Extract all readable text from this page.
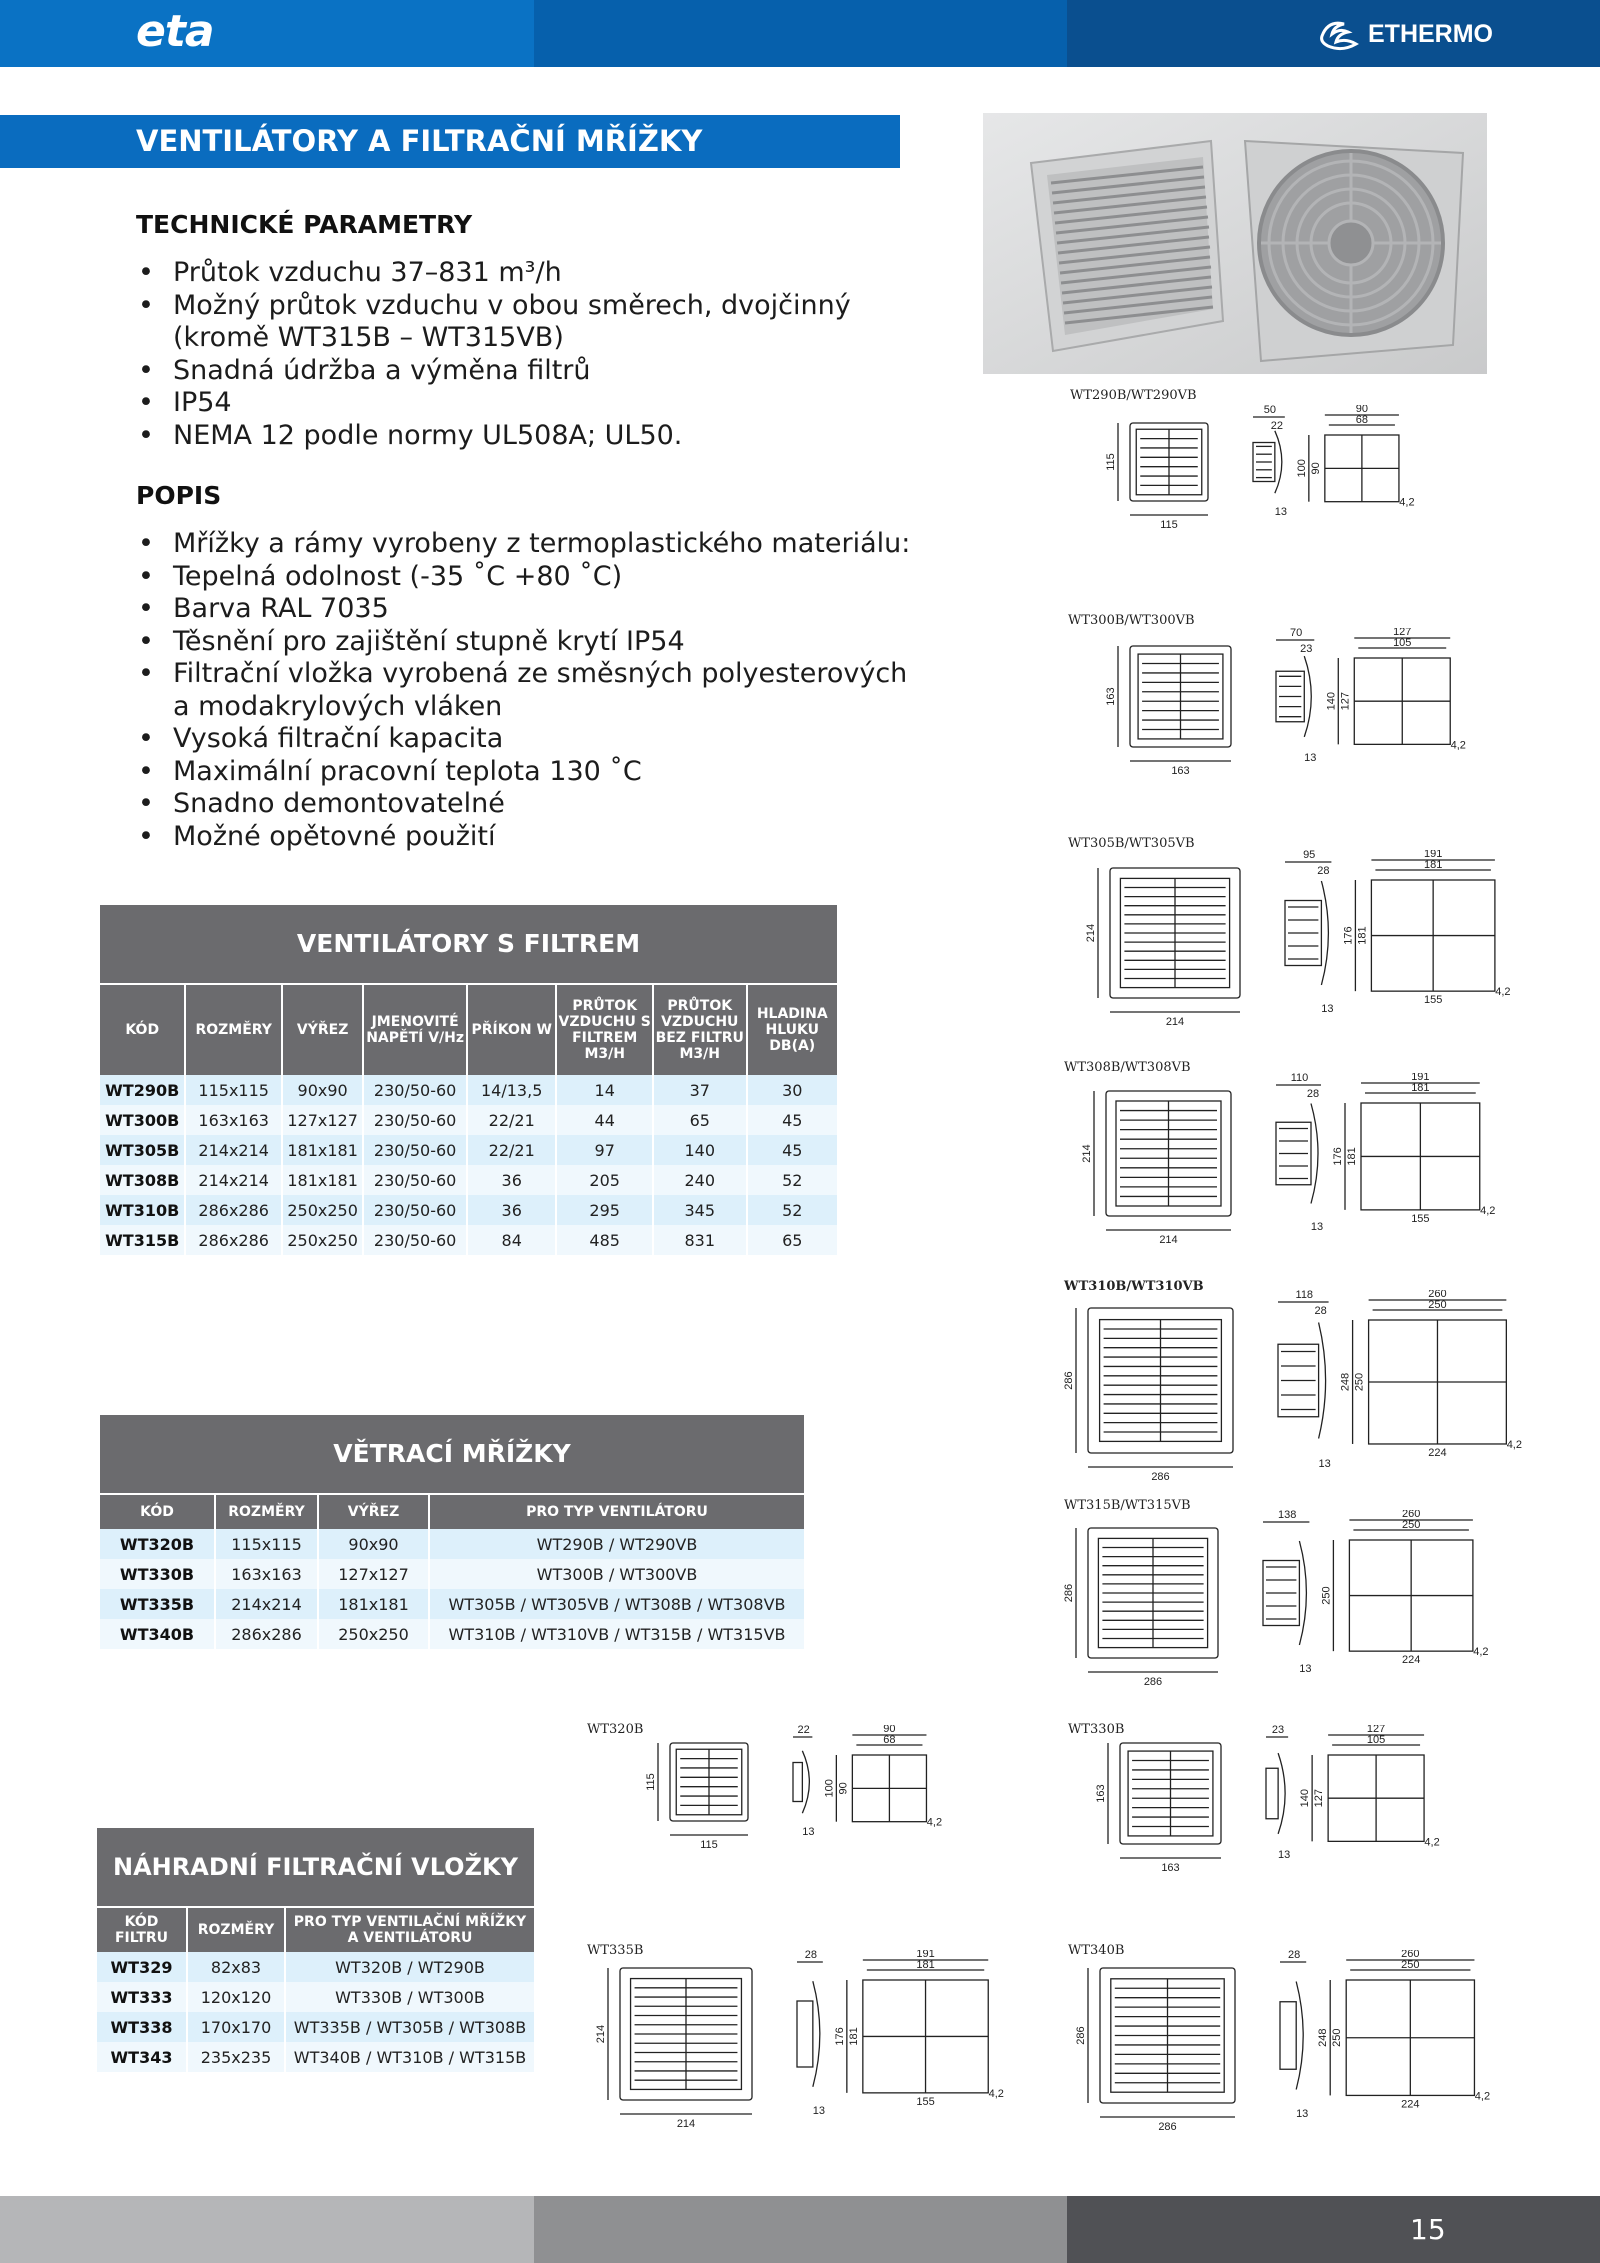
eta	ETHERMO
VENTILÁTORY A FILTRAČNÍ MŘÍŽKY
TECHNICKÉ PARAMETRY
• Průtok vzduchu 37–831 m³/h
• Možný průtok vzduchu v obou směrech, dvojčinný
(kromě WT315B – WT315VB)
• Snadná údržba a výměna filtrů
• IP54
• NEMA 12 podle normy UL508A; UL50.
POPIS
• Mřížky a rámy vyrobeny z termoplastického materiálu:
• Tepelná odolnost (-35 ˚C +80 ˚C)
• Barva RAL 7035
• Těsnění pro zajištění stupně krytí IP54
• Filtrační vložka vyrobená ze směsných polyesterových
a modakrylových vláken
• Vysoká filtrační kapacita
• Maximální pracovní teplota 130 ˚C
• Snadno demontovatelné
• Možné opětovné použití
VENTILÁTORY S FILTREM
KÓD	ROZMĚRY	VÝŘEZ	JMENOVITÉ NAPĚTÍ V/Hz	PŘÍKON W	PRŮTOK VZDUCHU S FILTREM M3/H	PRŮTOK VZDUCHU BEZ FILTRU M3/H	HLADINA HLUKU DB(A)
WT290B	115x115	90x90	230/50-60	14/13,5	14	37	30
WT300B	163x163	127x127	230/50-60	22/21	44	65	45
WT305B	214x214	181x181	230/50-60	22/21	97	140	45
WT308B	214x214	181x181	230/50-60	36	205	240	52
WT310B	286x286	250x250	230/50-60	36	295	345	52
WT315B	286x286	250x250	230/50-60	84	485	831	65
VĚTRACÍ MŘÍŽKY
KÓD	ROZMĚRY	VÝŘEZ	PRO TYP VENTILÁTORU
WT320B	115x115	90x90	WT290B / WT290VB
WT330B	163x163	127x127	WT300B / WT300VB
WT335B	214x214	181x181	WT305B / WT305VB / WT308B / WT308VB
WT340B	286x286	250x250	WT310B / WT310VB / WT315B / WT315VB
NÁHRADNÍ FILTRAČNÍ VLOŽKY
KÓD FILTRU	ROZMĚRY	PRO TYP VENTILAČNÍ MŘÍŽKY A VENTILÁTORU
WT329	82x83	WT320B / WT290B
WT333	120x120	WT330B / WT300B
WT338	170x170	WT335B / WT305B / WT308B
WT343	235x235	WT340B / WT310B / WT315B
WT290B/WT290VB
WT300B/WT300VB
WT305B/WT305VB
WT308B/WT308VB
WT310B/WT310VB
WT315B/WT315VB
WT320B	WT330B
WT335B	WT340B
115
115
50
22
13
90
68
100 90
4,2
163
163
70
23
13
127
105
140 127
4,2
214
214
95
28
13
191
181
176 181
4,2
155
214
214
110
28
13
191
181
176 181
4,2
155
286
286
118
28
13
260
250
248 250
4,2
224
286
286
138
13
260
250
250
4,2
224
115
115
22
13
90
68
100 90
4,2
163
163
23
13
127
105
140 127
4,2
214
214
28
13
191
181
176 181
4,2
155
286
286
28
13
260
250
248 250
4,2
224
15
